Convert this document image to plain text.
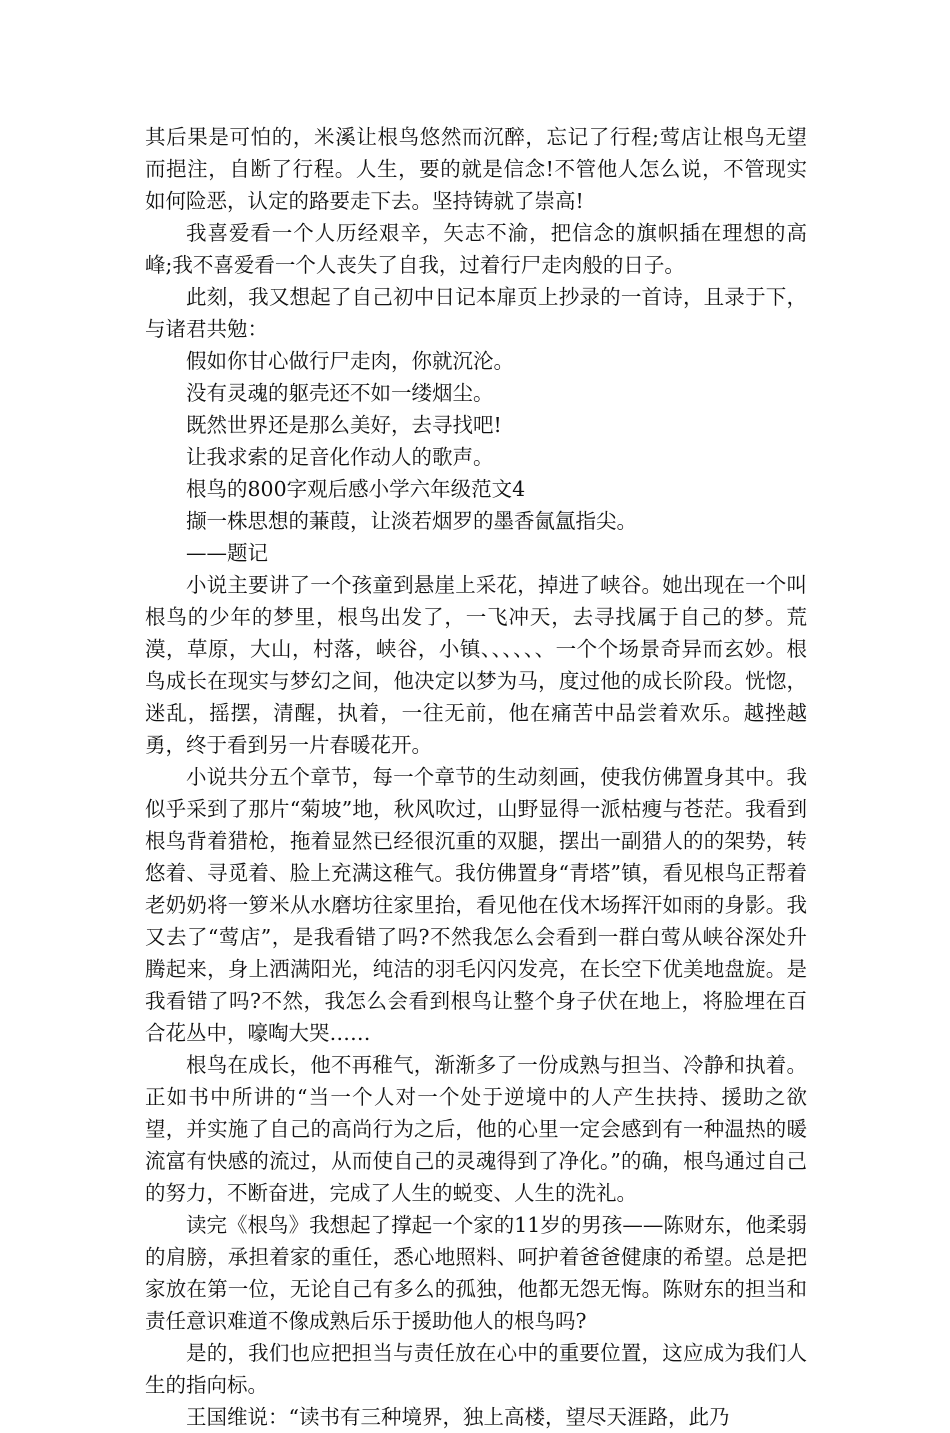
其后果是可怕的，米溪让根鸟悠然而沉醉，忘记了行程;莺店让根鸟无望而挹注，自断了行程。人生，要的就是信念!不管他人怎么说，不管现实如何险恶，认定的路要走下去。坚持铸就了崇高!

我喜爱看一个人历经艰辛，矢志不渝，把信念的旗帜插在理想的高峰;我不喜爱看一个人丧失了自我，过着行尸走肉般的日子。

此刻，我又想起了自己初中日记本扉页上抄录的一首诗，且录于下，与诸君共勉：

假如你甘心做行尸走肉，你就沉沦。

没有灵魂的躯壳还不如一缕烟尘。

既然世界还是那么美好，去寻找吧!

让我求索的足音化作动人的歌声。

根鸟的800字观后感小学六年级范文4

撷一株思想的蒹葭，让淡若烟罗的墨香氤氲指尖。

——题记

小说主要讲了一个孩童到悬崖上采花，掉进了峡谷。她出现在一个叫根鸟的少年的梦里，根鸟出发了，一飞冲天，去寻找属于自己的梦。荒漠，草原，大山，村落，峡谷，小镇、、、、、、一个个场景奇异而玄妙。根鸟成长在现实与梦幻之间，他决定以梦为马，度过他的成长阶段。恍惚，迷乱，摇摆，清醒，执着，一往无前，他在痛苦中品尝着欢乐。越挫越勇，终于看到另一片春暖花开。

小说共分五个章节，每一个章节的生动刻画，使我仿佛置身其中。我似乎采到了那片“菊坡”地，秋风吹过，山野显得一派枯瘦与苍茫。我看到根鸟背着猎枪，拖着显然已经很沉重的双腿，摆出一副猎人的的架势，转悠着、寻觅着、脸上充满这稚气。我仿佛置身“青塔”镇，看见根鸟正帮着老奶奶将一箩米从水磨坊往家里抬，看见他在伐木场挥汗如雨的身影。我又去了“莺店”，是我看错了吗?不然我怎么会看到一群白莺从峡谷深处升腾起来，身上洒满阳光，纯洁的羽毛闪闪发亮，在长空下优美地盘旋。是我看错了吗?不然，我怎么会看到根鸟让整个身子伏在地上，将脸埋在百合花丛中，嚎啕大哭……

根鸟在成长，他不再稚气，渐渐多了一份成熟与担当、冷静和执着。正如书中所讲的“当一个人对一个处于逆境中的人产生扶持、援助之欲望，并实施了自己的高尚行为之后，他的心里一定会感到有一种温热的暖流富有快感的流过，从而使自己的灵魂得到了净化。”的确，根鸟通过自己的努力，不断奋进，完成了人生的蜕变、人生的洗礼。

读完《根鸟》我想起了撑起一个家的11岁的男孩——陈财东，他柔弱的肩膀，承担着家的重任，悉心地照料、呵护着爸爸健康的希望。总是把家放在第一位，无论自己有多么的孤独，他都无怨无悔。陈财东的担当和责任意识难道不像成熟后乐于援助他人的根鸟吗?

是的，我们也应把担当与责任放在心中的重要位置，这应成为我们人生的指向标。

王国维说：“读书有三种境界，独上高楼，望尽天涯路，此乃
